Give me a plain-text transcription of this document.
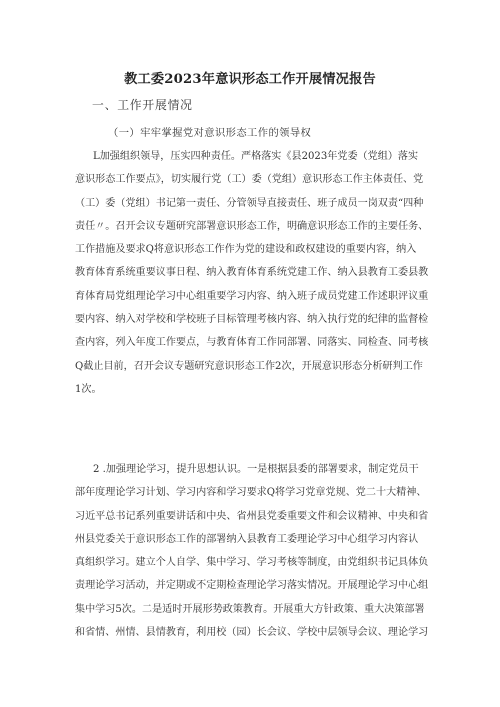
教工委2023年意识形态工作开展情况报告
一、工作开展情况
（一）牢牢掌握党对意识形态工作的领导权
L加强组织领导，压实四种责任。严格落实《县2023年党委（党组）落实
意识形态工作要点》，切实履行党（工）委（党组）意识形态工作主体责任、党
（工）委（党组）书记第一责任、分管领导直接责任、班子成员一岗双责“四种
责任〃。召开会议专题研究部署意识形态工作，明确意识形态工作的主要任务、
工作措施及要求Q将意识形态工作作为党的建设和政权建设的重要内容，纳入
教育体育系统重要议事日程、纳入教育体育系统党建工作、纳入县教育工委县教
育体育局党组理论学习中心组重要学习内容、纳入班子成员党建工作述职评议重
要内容、纳入对学校和学校班子目标管理考核内容、纳入执行党的纪律的监督检
查内容，列入年度工作要点，与教育体育工作同部署、同落实、同检查、同考核
Q截止目前，召开会议专题研究意识形态工作2次，开展意识形态分析研判工作
1次。
2 .加强理论学习，提升思想认识。一是根据县委的部署要求，制定党员干
部年度理论学习计划、学习内容和学习要求Q将学习党章党规、党二十大精神、
习近平总书记系列重要讲话和中央、省州县党委重要文件和会议精神、中央和省
州县党委关于意识形态工作的部署纳入县教育工委理论学习中心组学习内容认
真组织学习。建立个人自学、集中学习、学习考核等制度，由党组织书记具体负
责理论学习活动，并定期或不定期检查理论学习落实情况。开展理论学习中心组
集中学习5次。二是适时开展形势政策教育。开展重大方针政策、重大决策部署
和省情、州情、县情教育，利用校（园）长会议、学校中层领导会议、理论学习
